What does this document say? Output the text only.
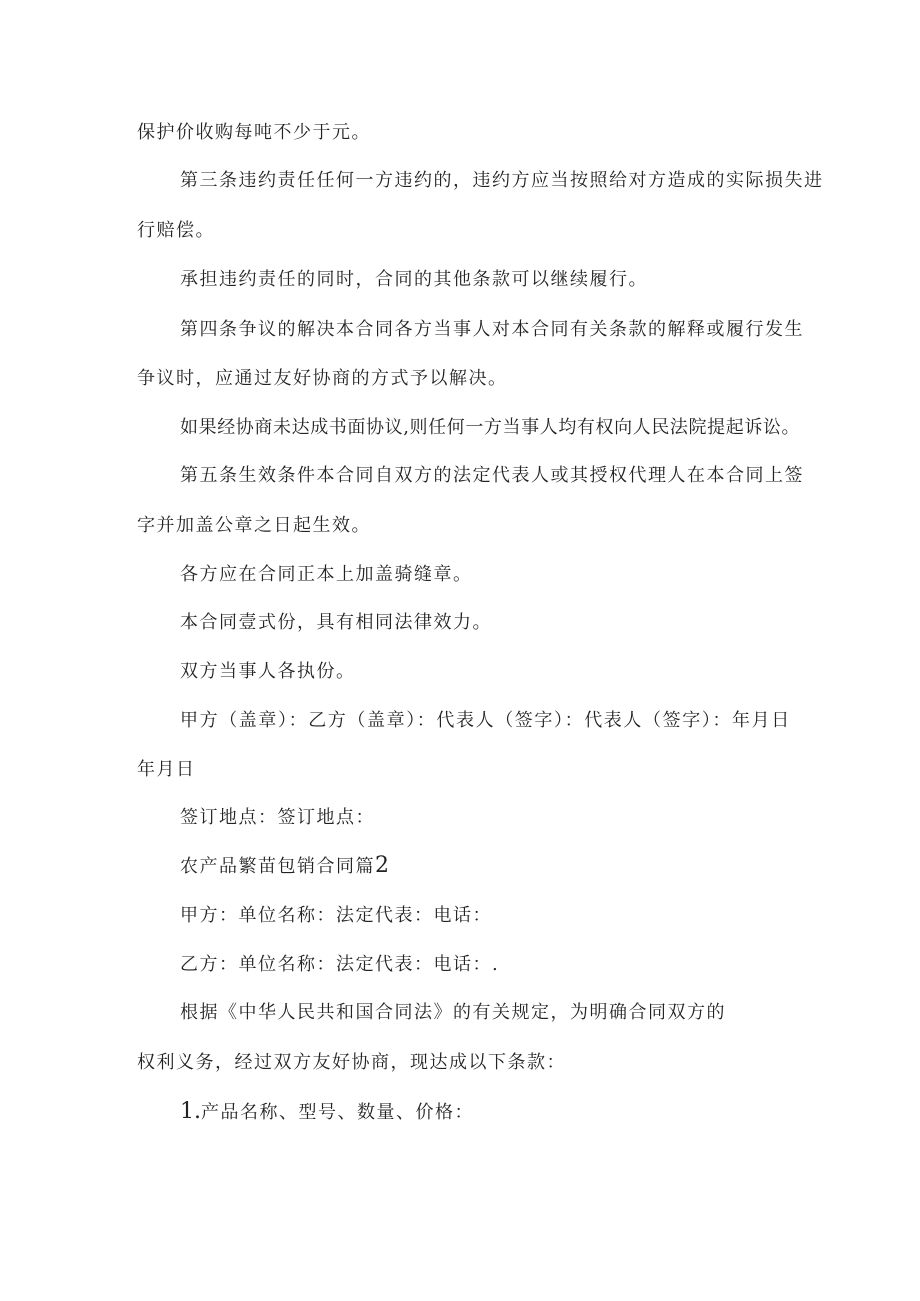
保护价收购每吨不少于元。
第三条违约责任任何一方违约的，违约方应当按照给对方造成的实际损失进
行赔偿。
承担违约责任的同时，合同的其他条款可以继续履行。
第四条争议的解决本合同各方当事人对本合同有关条款的解释或履行发生
争议时，应通过友好协商的方式予以解决。
如果经协商未达成书面协议,则任何一方当事人均有权向人民法院提起诉讼。
第五条生效条件本合同自双方的法定代表人或其授权代理人在本合同上签
字并加盖公章之日起生效。
各方应在合同正本上加盖骑缝章。
本合同壹式份，具有相同法律效力。
双方当事人各执份。
甲方（盖章）：乙方（盖章）：代表人（签字）：代表人（签字）：年月日
年月日
签订地点：签订地点：
农产品繁苗包销合同篇2
甲方：单位名称：法定代表：电话：
乙方：单位名称：法定代表：电话：.
根据《中华人民共和国合同法》的有关规定，为明确合同双方的
权利义务，经过双方友好协商，现达成以下条款：
1.产品名称、型号、数量、价格：
